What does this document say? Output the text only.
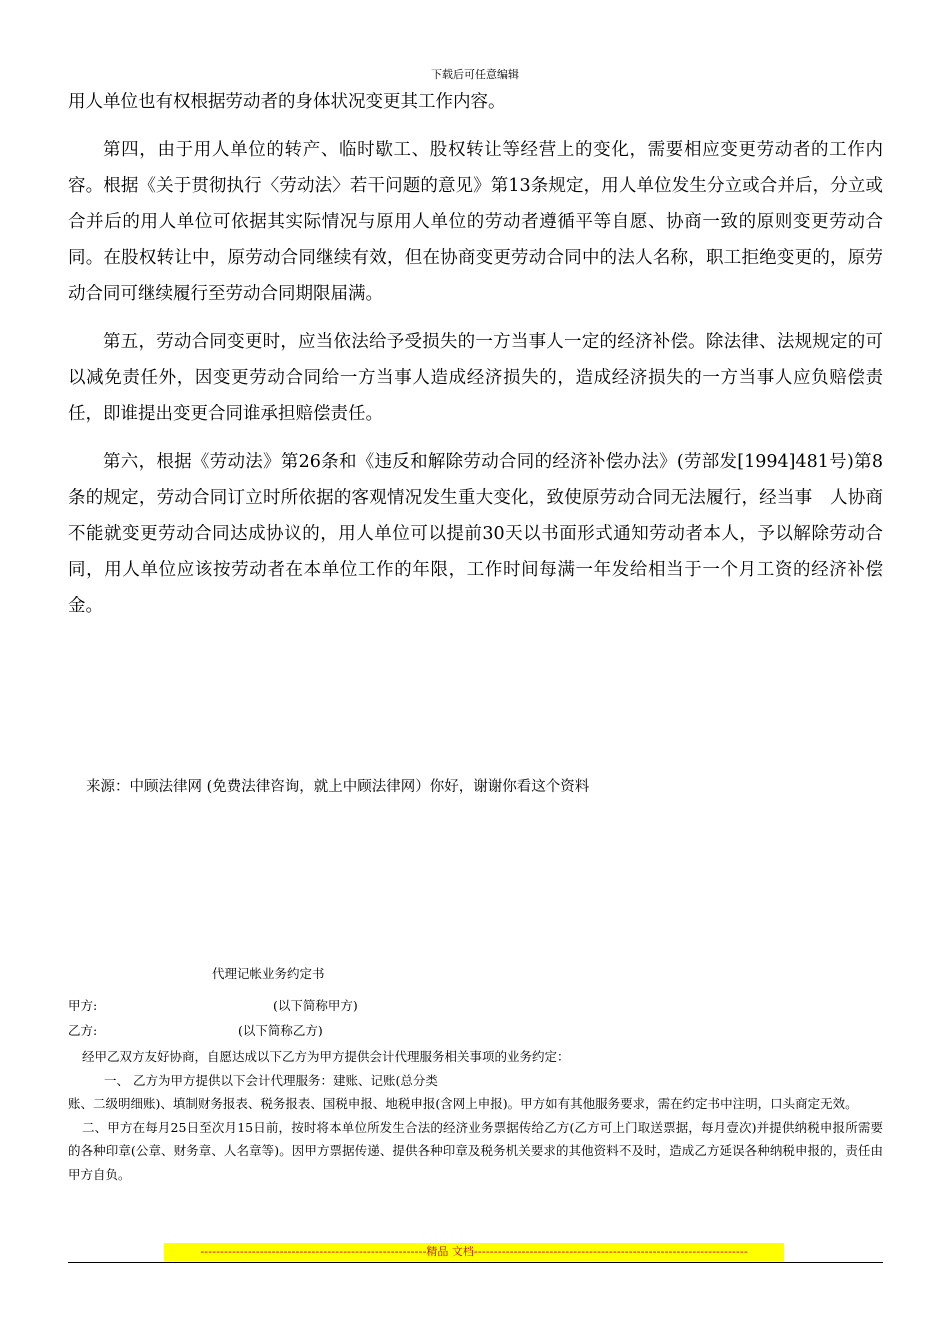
下载后可任意编辑

用人单位也有权根据劳动者的身体状况变更其工作内容。

第四，由于用人单位的转产、临时歇工、股权转让等经营上的变化，需要相应变更劳动者的工作内容。根据《关于贯彻执行〈劳动法〉若干问题的意见》第13条规定，用人单位发生分立或合并后，分立或合并后的用人单位可依据其实际情况与原用人单位的劳动者遵循平等自愿、协商一致的原则变更劳动合同。在股权转让中，原劳动合同继续有效，但在协商变更劳动合同中的法人名称，职工拒绝变更的，原劳动合同可继续履行至劳动合同期限届满。

第五，劳动合同变更时，应当依法给予受损失的一方当事人一定的经济补偿。除法律、法规规定的可以减免责任外，因变更劳动合同给一方当事人造成经济损失的，造成经济损失的一方当事人应负赔偿责任，即谁提出变更合同谁承担赔偿责任。

第六，根据《劳动法》第26条和《违反和解除劳动合同的经济补偿办法》(劳部发[1994]481号)第8条的规定，劳动合同订立时所依据的客观情况发生重大变化，致使原劳动合同无法履行，经当事　人协商不能就变更劳动合同达成协议的，用人单位可以提前30天以书面形式通知劳动者本人，予以解除劳动合同，用人单位应该按劳动者在本单位工作的年限，工作时间每满一年发给相当于一个月工资的经济补偿金。

来源：中顾法律网 (免费法律咨询，就上中顾法律网）你好，谢谢你看这个资料
代理记帐业务约定书
甲方:	(以下简称甲方)
乙方:	(以下简称乙方)

经甲乙双方友好协商，自愿达成以下乙方为甲方提供会计代理服务相关事项的业务约定：

一、 乙方为甲方提供以下会计代理服务：建账、记账(总分类

账、二级明细账)、填制财务报表、税务报表、国税申报、地税申报(含网上申报)。甲方如有其他服务要求，需在约定书中注明，口头商定无效。

二、甲方在每月25日至次月15日前，按时将本单位所发生合法的经济业务票据传给乙方(乙方可上门取送票据，每月壹次)并提供纳税申报所需要的各种印章(公章、财务章、人名章等)。因甲方票据传递、提供各种印章及税务机关要求的其他资料不及时，造成乙方延误各种纳税申报的，责任由甲方自负。

---------------------------------------------------------精品 文档---------------------------------------------------------------------
